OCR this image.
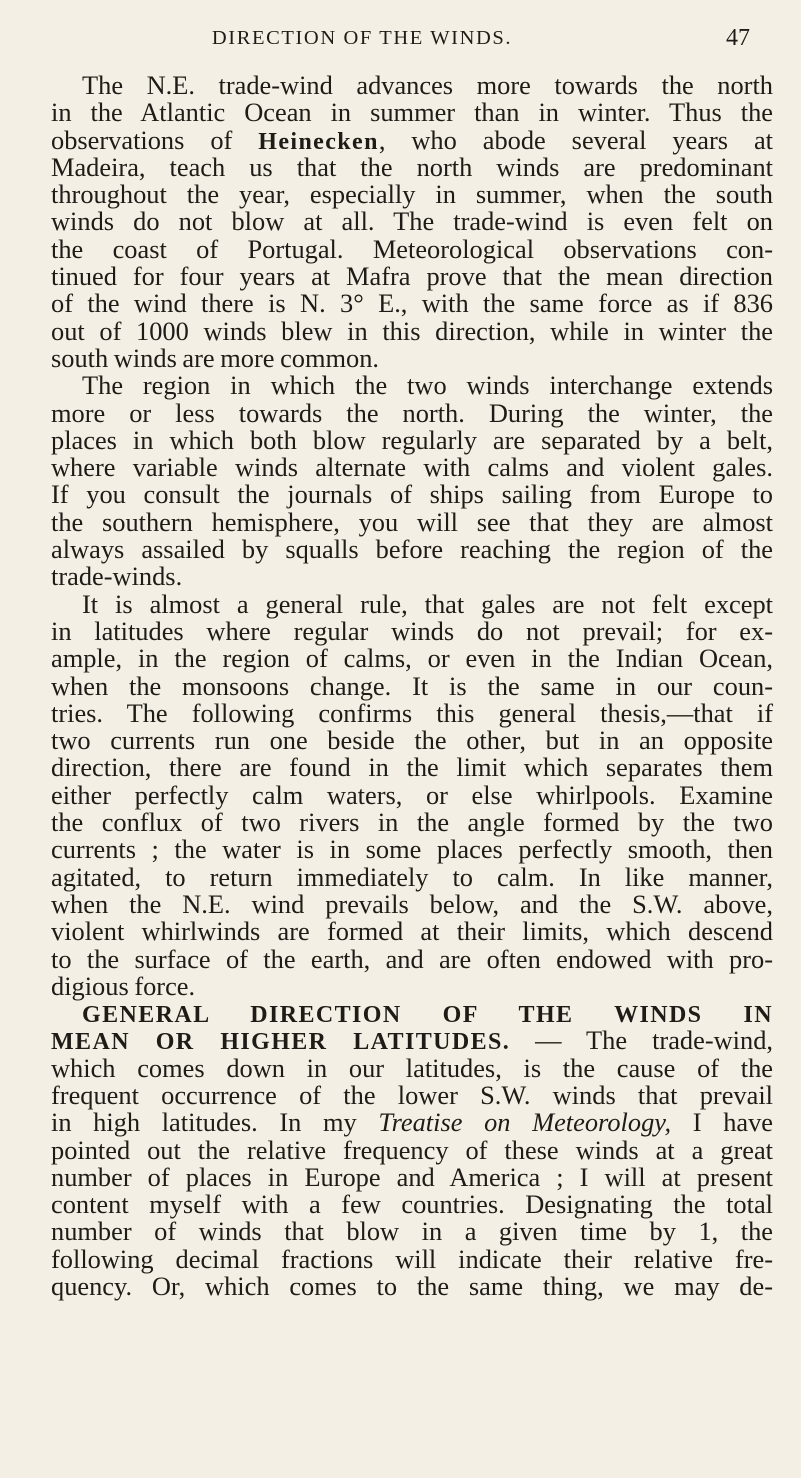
DIRECTION OF THE WINDS.	47
The N.E. trade-wind advances more towards the north
in the Atlantic Ocean in summer than in winter. Thus the
observations of Heinecken, who abode several years at
Madeira, teach us that the north winds are predominant
throughout the year, especially in summer, when the south
winds do not blow at all. The trade-wind is even felt on
the coast of Portugal. Meteorological observations con-
tinued for four years at Mafra prove that the mean direction
of the wind there is N. 3° E., with the same force as if 836
out of 1000 winds blew in this direction, while in winter the
south winds are more common.
The region in which the two winds interchange extends
more or less towards the north. During the winter, the
places in which both blow regularly are separated by a belt,
where variable winds alternate with calms and violent gales.
If you consult the journals of ships sailing from Europe to
the southern hemisphere, you will see that they are almost
always assailed by squalls before reaching the region of the
trade-winds.
It is almost a general rule, that gales are not felt except
in latitudes where regular winds do not prevail; for ex-
ample, in the region of calms, or even in the Indian Ocean,
when the monsoons change. It is the same in our coun-
tries. The following confirms this general thesis,—that if
two currents run one beside the other, but in an opposite
direction, there are found in the limit which separates them
either perfectly calm waters, or else whirlpools. Examine
the conflux of two rivers in the angle formed by the two
currents ; the water is in some places perfectly smooth, then
agitated, to return immediately to calm. In like manner,
when the N.E. wind prevails below, and the S.W. above,
violent whirlwinds are formed at their limits, which descend
to the surface of the earth, and are often endowed with pro-
digious force.
GENERAL DIRECTION OF THE WINDS IN
MEAN OR HIGHER LATITUDES. — The trade-wind,
which comes down in our latitudes, is the cause of the
frequent occurrence of the lower S.W. winds that prevail
in high latitudes. In my Treatise on Meteorology, I have
pointed out the relative frequency of these winds at a great
number of places in Europe and America ; I will at present
content myself with a few countries. Designating the total
number of winds that blow in a given time by 1, the
following decimal fractions will indicate their relative fre-
quency. Or, which comes to the same thing, we may de-
